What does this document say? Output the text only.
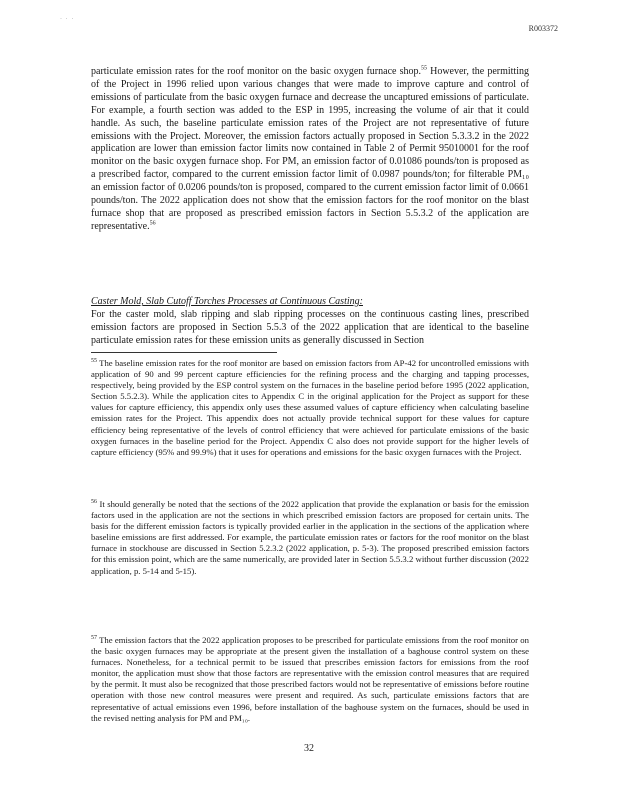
· · ·
R003372

particulate emission rates for the roof monitor on the basic oxygen furnace shop.$^{55}$ However, the permitting of the Project in 1996 relied upon various changes that were made to improve capture and control of emissions of particulate from the basic oxygen furnace and decrease the uncaptured emissions of particulate. For example, a fourth section was added to the ESP in 1995, increasing the volume of air that it could handle. As such, the baseline particulate emission rates of the Project are not representative of future emissions with the Project. Moreover, the emission factors actually proposed in Section 5.3.3.2 in the 2022 application are lower than emission factor limits now contained in Table 2 of Permit 95010001 for the roof monitor on the basic oxygen furnace shop. For PM, an emission factor of 0.01086 pounds/ton is proposed as a prescribed factor, compared to the current emission factor limit of 0.0987 pounds/ton; for filterable PM₁₀ an emission factor of 0.0206 pounds/ton is proposed, compared to the current emission factor limit of 0.0661 pounds/ton. The 2022 application does not show that the emission factors for the roof monitor on the blast furnace shop that are proposed as prescribed emission factors in Section 5.5.3.2 of the application are representative.$^{56}$

Caster Mold, Slab Cutoff Torches Processes at Continuous Casting:

For the caster mold, slab ripping and slab ripping processes on the continuous casting lines, prescribed emission factors are proposed in Section 5.5.3 of the 2022 application that are identical to the baseline particulate emission rates for these emission units as generally discussed in Section

$^{55}$ The baseline emission rates for the roof monitor are based on emission factors from AP-42 for uncontrolled emissions with application of 90 and 99 percent capture efficiencies for the refining process and the charging and tapping processes, respectively, being provided by the ESP control system on the furnaces in the baseline period before 1995 (2022 application, Section 5.5.2.3). While the application cites to Appendix C in the original application for the Project as support for these values for capture efficiency, this appendix only uses these assumed values of capture efficiency when calculating baseline emission rates for the Project. This appendix does not actually provide technical support for these values for capture efficiency being representative of the levels of control efficiency that were achieved for particulate emissions of the basic oxygen furnaces in the baseline period for the Project. Appendix C also does not provide support for the higher levels of capture efficiency (95% and 99.9%) that it uses for operations and emissions for the basic oxygen furnaces with the Project.

$^{56}$ It should generally be noted that the sections of the 2022 application that provide the explanation or basis for the emission factors used in the application are not the sections in which prescribed emission factors are proposed for certain units. The basis for the different emission factors is typically provided earlier in the application in the sections of the application where baseline emissions are first addressed. For example, the particulate emission rates or factors for the roof monitor on the blast furnace in stockhouse are discussed in Section 5.2.3.2 (2022 application, p. 5-3). The proposed prescribed emission factors for this emission point, which are the same numerically, are provided later in Section 5.5.3.2 without further discussion (2022 application, p. 5-14 and 5-15).

$^{57}$ The emission factors that the 2022 application proposes to be prescribed for particulate emissions from the roof monitor on the basic oxygen furnaces may be appropriate at the present given the installation of a baghouse control system on these furnaces. Nonetheless, for a technical permit to be issued that prescribes emission factors for emissions from the roof monitor, the application must show that those factors are representative with the emission control measures that are required by the permit. It must also be recognized that those prescribed factors would not be representative of emissions before routine operation with those new control measures were present and required. As such, particulate emissions factors that are representative of actual emissions even 1996, before installation of the baghouse system on the furnaces, should be used in the revised netting analysis for PM and PM₁₀.

32
